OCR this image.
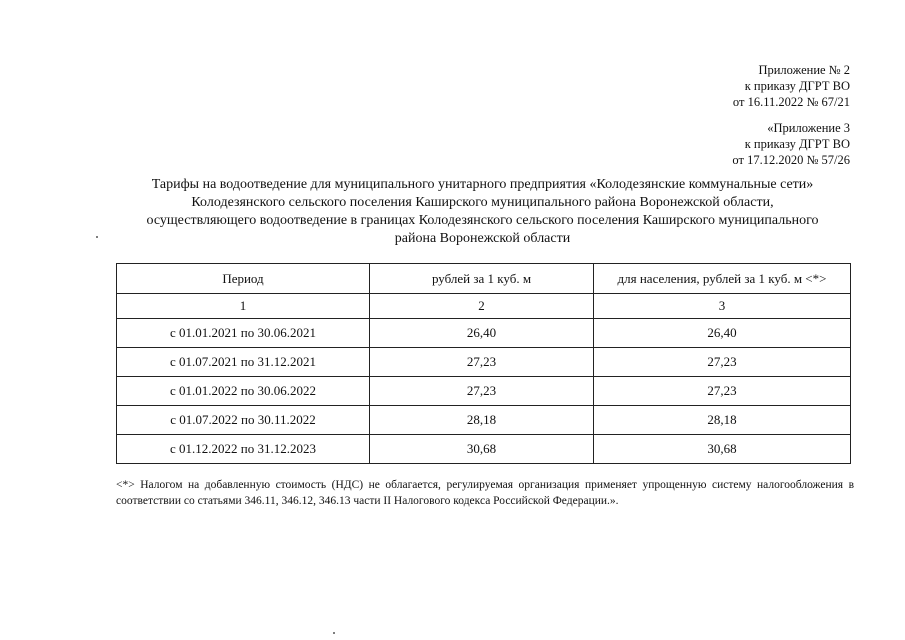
Приложение № 2
к приказу ДГРТ ВО
от 16.11.2022 № 67/21
«Приложение 3
к приказу ДГРТ ВО
от 17.12.2020 № 57/26
Тарифы на водоотведение для муниципального унитарного предприятия «Колодезянские коммунальные сети»
Колодезянского сельского поселения Каширского муниципального района Воронежской области,
осуществляющего водоотведение в границах Колодезянского сельского поселения Каширского муниципального
района Воронежской области
Период	рублей за 1 куб. м	для населения, рублей за 1 куб. м <*>
1	2	3
с 01.01.2021 по 30.06.2021	26,40	26,40
с 01.07.2021 по 31.12.2021	27,23	27,23
с 01.01.2022 по 30.06.2022	27,23	27,23
с 01.07.2022 по 30.11.2022	28,18	28,18
с 01.12.2022 по 31.12.2023	30,68	30,68
<*> Налогом на добавленную стоимость (НДС) не облагается, регулируемая организация применяет упрощенную систему налогообложения в соответствии со статьями 346.11, 346.12, 346.13 части II Налогового кодекса Российской Федерации.».
